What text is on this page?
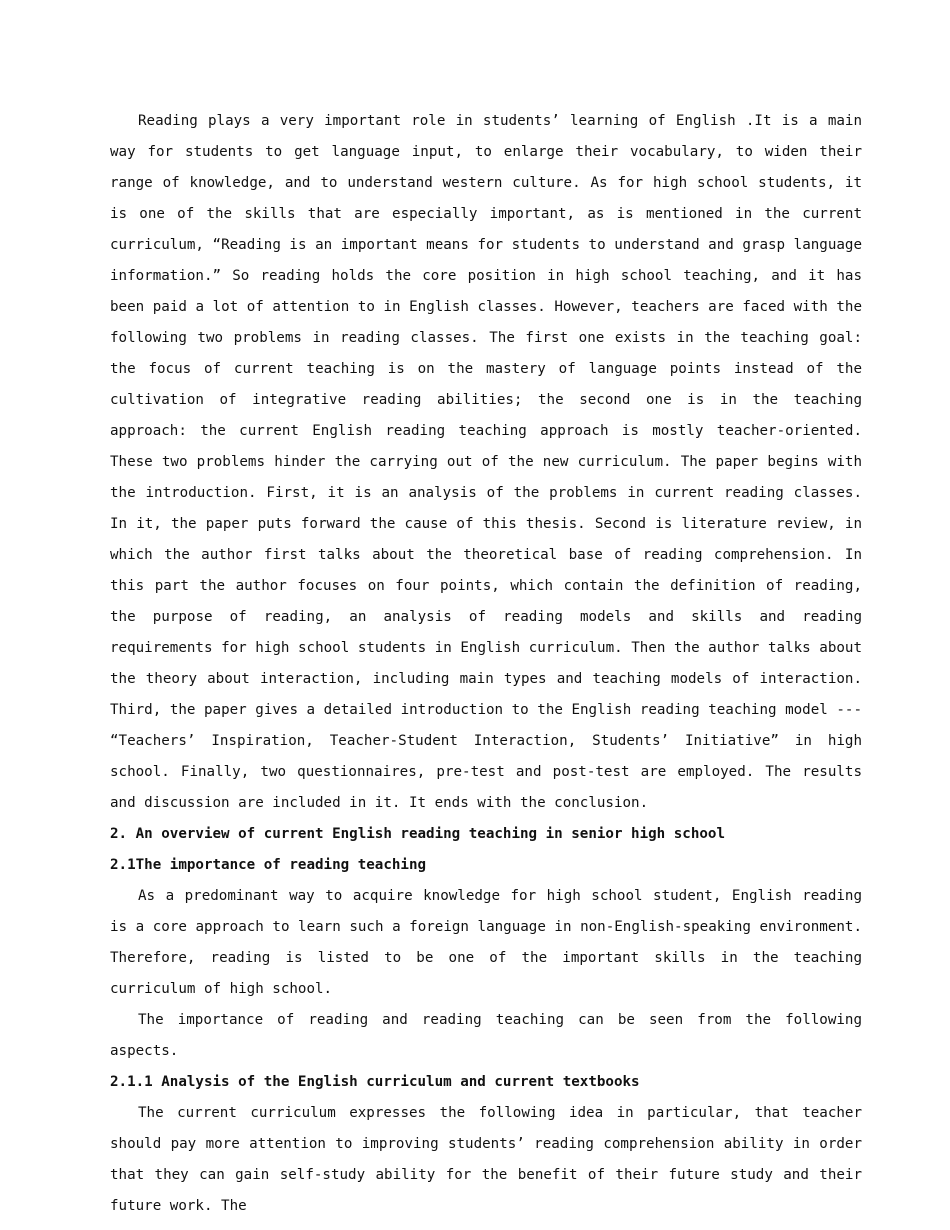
Reading plays a very important role in students’ learning of English .It is a main way for students to get language input, to enlarge their vocabulary, to widen their range of knowledge, and to understand western culture. As for high school students, it is one of the skills that are especially important, as is mentioned in the current curriculum, “Reading is an important means for students to understand and grasp language information.” So reading holds the core position in high school teaching, and it has been paid a lot of attention to in English classes. However, teachers are faced with the following two problems in reading classes. The first one exists in the teaching goal: the focus of current teaching is on the mastery of language points instead of the cultivation of integrative reading abilities; the second one is in the teaching approach: the current English reading teaching approach is mostly teacher-oriented. These two problems hinder the carrying out of the new curriculum. The paper begins with the introduction. First, it is an analysis of the problems in current reading classes. In it, the paper puts forward the cause of this thesis. Second is literature review, in which the author first talks about the theoretical base of reading comprehension. In this part the author focuses on four points, which contain the definition of reading, the purpose of reading, an analysis of reading models and skills and reading requirements for high school students in English curriculum. Then the author talks about the theory about interaction, including main types and teaching models of interaction. Third, the paper gives a detailed introduction to the English reading teaching model --- “Teachers’ Inspiration, Teacher-Student Interaction, Students’ Initiative” in high school. Finally, two questionnaires, pre-test and post-test are employed. The results and discussion are included in it. It ends with the conclusion.

2. An overview of current English reading teaching in senior high school

2.1The importance of reading teaching

As a predominant way to acquire knowledge for high school student, English reading is a core approach to learn such a foreign language in non-English-speaking environment. Therefore, reading is listed to be one of the important skills in the teaching curriculum of high school.

The importance of reading and reading teaching can be seen from the following aspects.

2.1.1 Analysis of the English curriculum and current textbooks

The current curriculum expresses the following idea in particular, that teacher should pay more attention to improving students’ reading comprehension ability in order that they can gain self-study ability for the benefit of their future study and their future work. The
